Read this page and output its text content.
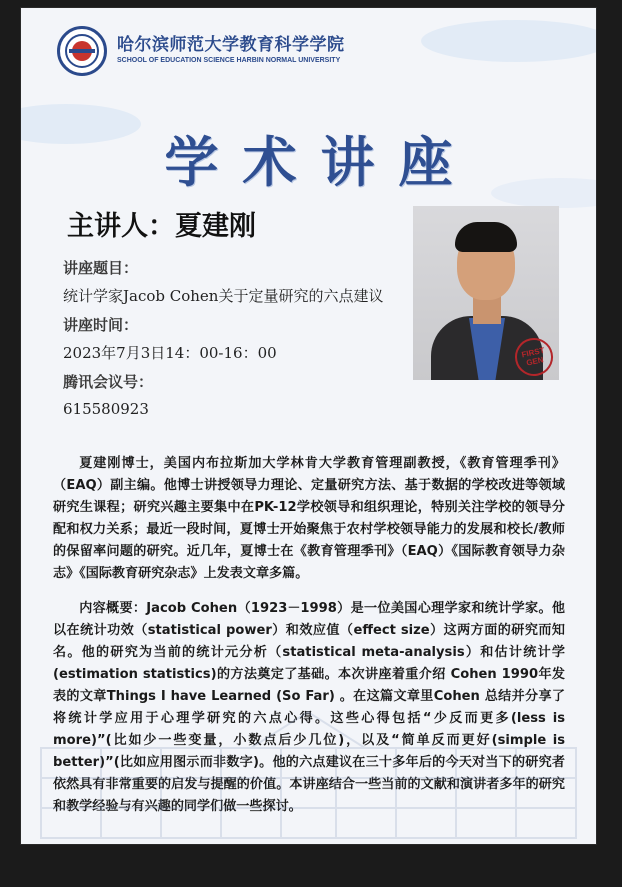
哈尔滨师范大学教育科学学院
SCHOOL OF EDUCATION SCIENCE HARBIN NORMAL UNIVERSITY
学术讲座
主讲人：夏建刚
讲座题目：
统计学家Jacob Cohen关于定量研究的六点建议
讲座时间：
2023年7月3日14：00-16：00
腾讯会议号：
615580923
FIRST GEN

夏建刚博士，美国内布拉斯加大学林肯大学教育管理副教授，《教育管理季刊》（EAQ）副主编。他博士讲授领导力理论、定量研究方法、基于数据的学校改进等领域研究生课程；研究兴趣主要集中在PK-12学校领导和组织理论，特别关注学校的领导分配和权力关系；最近一段时间，夏博士开始聚焦于农村学校领导能力的发展和校长/教师的保留率问题的研究。近几年，夏博士在《教育管理季刊》（EAQ）《国际教育领导力杂志》《国际教育研究杂志》上发表文章多篇。

内容概要：Jacob Cohen（1923－1998）是一位美国心理学家和统计学家。他以在统计功效（statistical power）和效应值（effect size）这两方面的研究而知名。他的研究为当前的统计元分析（statistical meta-analysis）和估计统计学(estimation statistics)的方法奠定了基础。本次讲座着重介绍 Cohen 1990年发表的文章Things I have Learned (So Far) 。在这篇文章里Cohen 总结并分享了将统计学应用于心理学研究的六点心得。这些心得包括“少反而更多(less is more)”(比如少一些变量，小数点后少几位)，以及“简单反而更好(simple is better)”(比如应用图示而非数字)。他的六点建议在三十多年后的今天对当下的研究者依然具有非常重要的启发与提醒的价值。本讲座结合一些当前的文献和演讲者多年的研究和教学经验与有兴趣的同学们做一些探讨。
